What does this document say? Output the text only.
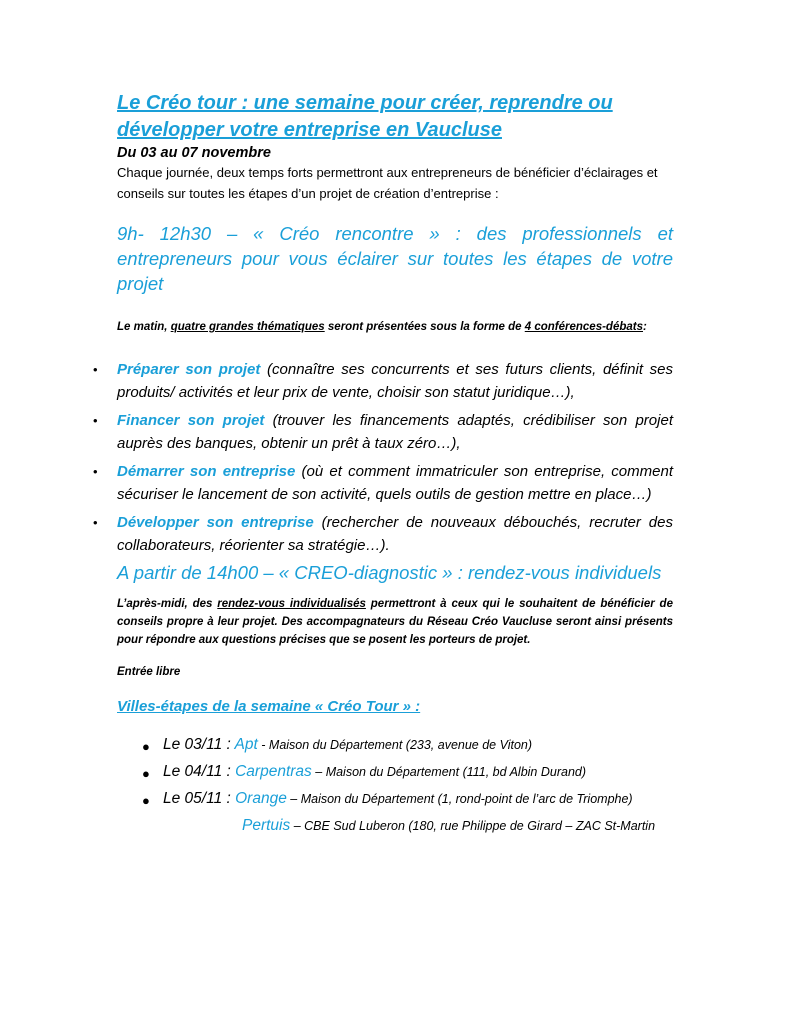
Le Créo tour : une semaine pour créer, reprendre ou développer votre entreprise en Vaucluse

Du 03 au 07 novembre

Chaque journée, deux temps forts permettront aux entrepreneurs de bénéficier d’éclairages et conseils sur toutes les étapes d’un projet de création d’entreprise :

9h- 12h30 – « Créo rencontre » : des professionnels et entrepreneurs pour vous éclairer sur toutes les étapes de votre projet

Le matin, quatre grandes thématiques seront présentées sous la forme de 4 conférences-débats:

• Préparer son projet (connaître ses concurrents et ses futurs clients, définit ses produits/ activités et leur prix de vente, choisir son statut juridique…),
• Financer son projet (trouver les financements adaptés, crédibiliser son projet auprès des banques, obtenir un prêt à taux zéro…),
• Démarrer son entreprise (où et comment immatriculer son entreprise, comment sécuriser le lancement de son activité, quels outils de gestion mettre en place…)
• Développer son entreprise (rechercher de nouveaux débouchés, recruter des collaborateurs, réorienter sa stratégie…).

A partir de 14h00 – « CREO-diagnostic » : rendez-vous individuels

L’après-midi, des rendez-vous individualisés permettront à ceux qui le souhaitent de bénéficier de conseils propre à leur projet. Des accompagnateurs du Réseau Créo Vaucluse seront ainsi présents pour répondre aux questions précises que se posent les porteurs de projet.

Entrée libre

Villes-étapes de la semaine « Créo Tour » :

● Le 03/11 : Apt - Maison du Département (233, avenue de Viton)
● Le 04/11 : Carpentras – Maison du Département (111, bd Albin Durand)
● Le 05/11 : Orange – Maison du Département (1, rond-point de l’arc de Triomphe)

Pertuis – CBE Sud Luberon (180, rue Philippe de Girard – ZAC St-Martin
